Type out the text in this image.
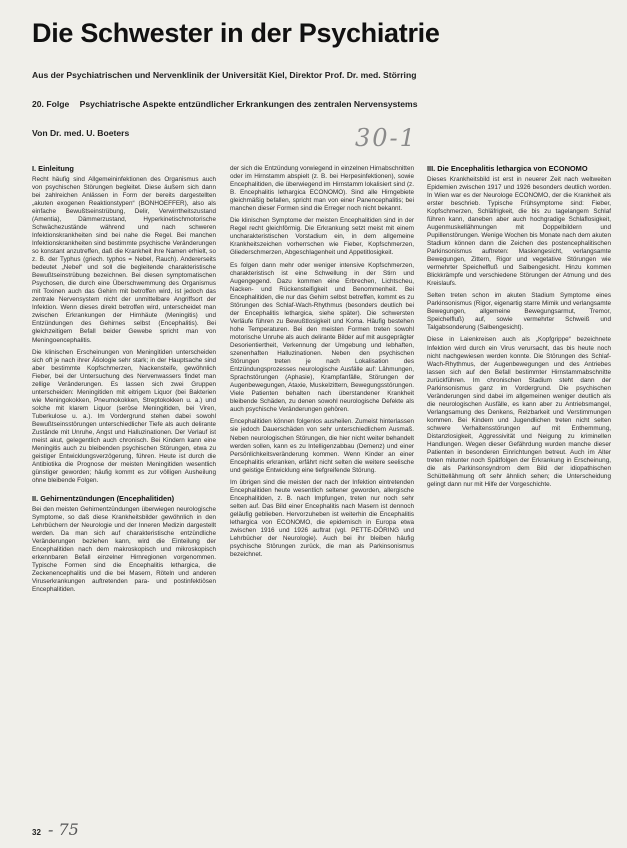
Die Schwester in der Psychiatrie
Aus der Psychiatrischen und Nervenklinik der Universität Kiel, Direktor Prof. Dr. med. Störring
20. Folge Psychiatrische Aspekte entzündlicher Erkrankungen des zentralen Nervensystems
Von Dr. med. U. Boeters	30-1
I. Einleitung

Recht häufig sind Allgemeininfektionen des Organismus auch von psychischen Störungen begleitet. Diese äußern sich dann bei zahlreichen Anlässen in Form der bereits dargestellten „akuten exogenen Reaktionstypen“ (BONHOEFFER), also als einfache Bewußtseinstrübung, Delir, Verwirrtheitszustand (Amentia), Dämmerzustand, Hyperkinetischmotorische Schwächezustände während und nach schweren Infektionskrankheiten sind bei nahe die Regel. Bei manchen Infektionskrankheiten sind bestimmte psychische Veränderungen so konstant anzutreffen, daß die Krankheit ihre Namen erhielt, so z. B. der Typhus (griech. typhos = Nebel, Rauch). Andererseits bedeutet „Nebel“ und soll die begleitende charakteristische Bewußtseinstrübung bezeichnen. Bei diesen symptomatischen Psychosen, die durch eine Überschwemmung des Organismus mit Toxinen auch das Gehirn mit betroffen wird, ist jedoch das zentrale Nervensystem nicht der unmittelbare Angriffsort der Infektion. Wenn dieses direkt betroffen wird, unterscheidet man zwischen Erkrankungen der Hirnhäute (Meningitis) und Entzündungen des Gehirnes selbst (Encephalitis). Bei gleichzeitigem Befall beider Gewebe spricht man von Meningoencephalitis.

Die klinischen Erscheinungen von Meningitiden unterscheiden sich oft je nach ihrer Ätiologie sehr stark; in der Hauptsache sind aber bestimmte Kopfschmerzen, Nackensteife, gewöhnlich Fieber, bei der Untersuchung des Nervenwassers findet man zellige Veränderungen. Es lassen sich zwei Gruppen unterscheiden: Meningitiden mit eitrigem Liquor (bei Bakterien wie Meningokokken, Pneumokokken, Streptokokken u. a.) und solche mit klarem Liquor (seröse Meningitiden, bei Viren, Tuberkulose u. a.). Im Vordergrund stehen dabei sowohl Bewußtseinsstörungen unterschiedlicher Tiefe als auch delirante Zustände mit Unruhe, Angst und Halluzinationen. Der Verlauf ist meist akut, gelegentlich auch chronisch. Bei Kindern kann eine Meningitis auch zu bleibenden psychischen Störungen, etwa zu geistiger Entwicklungsverzögerung, führen. Heute ist durch die Antibiotika die Prognose der meisten Meningitiden wesentlich günstiger geworden; häufig kommt es zur völligen Ausheilung ohne bleibende Folgen.

II. Gehirnentzündungen (Encephalitiden)

Bei den meisten Gehirnentzündungen überwiegen neurologische Symptome, so daß diese Krankheitsbilder gewöhnlich in den Lehrbüchern der Neurologie und der Inneren Medizin dargestellt werden. Da man sich auf charakteristische entzündliche Veränderungen beziehen kann, wird die Einteilung der Encephalitiden nach dem makroskopisch und mikroskopisch erkennbaren Befall einzelner Hirnregionen vorgenommen. Typische Formen sind die Encephalitis lethargica, die Zeckenencephalitis und die bei Masern, Röteln und anderen Viruserkrankungen auftretenden para- und postinfektiösen Encephalitiden.

der sich die Entzündung vorwiegend in einzelnen Hirnabschnitten oder im Hirnstamm abspielt (z. B. bei Herpesinfektionen), sowie Encephalitiden, die überwiegend im Hirnstamm lokalisiert sind (z. B. Encephalitis lethargica ECONOMO). Sind alle Hirngebiete gleichmäßig befallen, spricht man von einer Panencephalitis; bei manchen dieser Formen sind die Erreger noch nicht bekannt.

Die klinischen Symptome der meisten Encephalitiden sind in der Regel recht gleichförmig. Die Erkrankung setzt meist mit einem uncharakteristischen Vorstadium ein, in dem allgemeine Krankheitszeichen vorherrschen wie Fieber, Kopfschmerzen, Gliederschmerzen, Abgeschlagenheit und Appetitlosigkeit.

Es folgen dann mehr oder weniger intensive Kopfschmerzen, charakteristisch ist eine Schwellung in der Stirn und Augengegend. Dazu kommen eine Erbrechen, Lichtscheu, Nacken- und Rückensteifigkeit und Benommenheit. Bei Encephalitiden, die nur das Gehirn selbst betreffen, kommt es zu Störungen des Schlaf-Wach-Rhythmus (besonders deutlich bei der Encephalitis lethargica, siehe später). Die schwersten Verläufe führen zu Bewußtlosigkeit und Koma. Häufig bestehen hohe Temperaturen. Bei den meisten Formen treten sowohl motorische Unruhe als auch delirante Bilder auf mit ausgeprägter Desorientiertheit, Verkennung der Umgebung und lebhaften, szenenhaften Halluzinationen. Neben den psychischen Störungen treten je nach Lokalisation des Entzündungsprozesses neurologische Ausfälle auf: Lähmungen, Sprachstörungen (Aphasie), Krampfanfälle, Störungen der Augenbewegungen, Ataxie, Muskelzittern, Bewegungsstörungen. Viele Patienten behalten nach überstandener Krankheit bleibende Schäden, zu denen sowohl neurologische Defekte als auch psychische Veränderungen gehören.

Encephalitiden können folgenlos ausheilen. Zumeist hinterlassen sie jedoch Dauerschäden von sehr unterschiedlichem Ausmaß. Neben neurologischen Störungen, die hier nicht weiter behandelt werden sollen, kann es zu Intelligenzabbau (Demenz) und einer Persönlichkeitsveränderung kommen. Wenn Kinder an einer Encephalitis erkranken, erfährt nicht selten die weitere seelische und geistige Entwicklung eine tiefgreifende Störung.

Im übrigen sind die meisten der nach der Infektion eintretenden Encephalitiden heute wesentlich seltener geworden, allergische Encephalitiden, z. B. nach Impfungen, treten nur noch sehr selten auf. Das Bild einer Encephalitis nach Masern ist dennoch geläufig geblieben. Hervorzuheben ist weiterhin die Encephalitis lethargica von ECONOMO, die epidemisch in Europa etwa zwischen 1916 und 1926 auftrat (vgl. PETTE-DÖRING und Lehrbücher der Neurologie). Auch bei ihr bleiben häufig psychische Störungen zurück, die man als Parkinsonismus bezeichnet.

III. Die Encephalitis lethargica von ECONOMO

Dieses Krankheitsbild ist erst in neuerer Zeit nach weltweiten Epidemien zwischen 1917 und 1926 besonders deutlich worden. In Wien war es der Neurologe ECONOMO, der die Krankheit als erster beschrieb. Typische Frühsymptome sind: Fieber, Kopfschmerzen, Schläfrigkeit, die bis zu tagelangem Schlaf führen kann, daneben aber auch hochgradige Schlaflosigkeit, Augenmuskellähmungen mit Doppelbildern und Pupillenstörungen. Wenige Wochen bis Monate nach dem akuten Stadium können dann die Zeichen des postencephalitischen Parkinsonismus auftreten: Maskengesicht, verlangsamte Bewegungen, Zittern, Rigor und vegetative Störungen wie vermehrter Speichelfluß und Salbengesicht. Hinzu kommen Blickkrämpfe und verschiedene Störungen der Atmung und des Kreislaufs.

Selten treten schon im akuten Stadium Symptome eines Parkinsonismus (Rigor, eigenartig starre Mimik und verlangsamte Bewegungen, allgemeine Bewegungsarmut, Tremor, Speichelfluß) auf, sowie vermehrter Schweiß und Talgabsonderung (Salbengesicht).

Diese in Laienkreisen auch als „Kopfgrippe“ bezeichnete Infektion wird durch ein Virus verursacht, das bis heute noch nicht nachgewiesen werden konnte. Die Störungen des Schlaf-Wach-Rhythmus, der Augenbewegungen und des Antriebes lassen sich auf den Befall bestimmter Hirnstammabschnitte zurückführen. Im chronischen Stadium steht dann der Parkinsonismus ganz im Vordergrund. Die psychischen Veränderungen sind dabei im allgemeinen weniger deutlich als die neurologischen Ausfälle, es kann aber zu Antriebsmangel, Verlangsamung des Denkens, Reizbarkeit und Verstimmungen kommen. Bei Kindern und Jugendlichen treten nicht selten schwere Verhaltensstörungen auf mit Enthemmung, Distanzlosigkeit, Aggressivität und Neigung zu kriminellen Handlungen. Wegen dieser Gefährdung wurden manche dieser Patienten in besonderen Einrichtungen betreut. Auch im Alter treten mitunter noch Spätfolgen der Erkrankung in Erscheinung, die als Parkinsonsyndrom dem Bild der idiopathischen Schüttellähmung oft sehr ähnlich sehen; die Unterscheidung gelingt dann nur mit Hilfe der Vorgeschichte.

32 - 75
